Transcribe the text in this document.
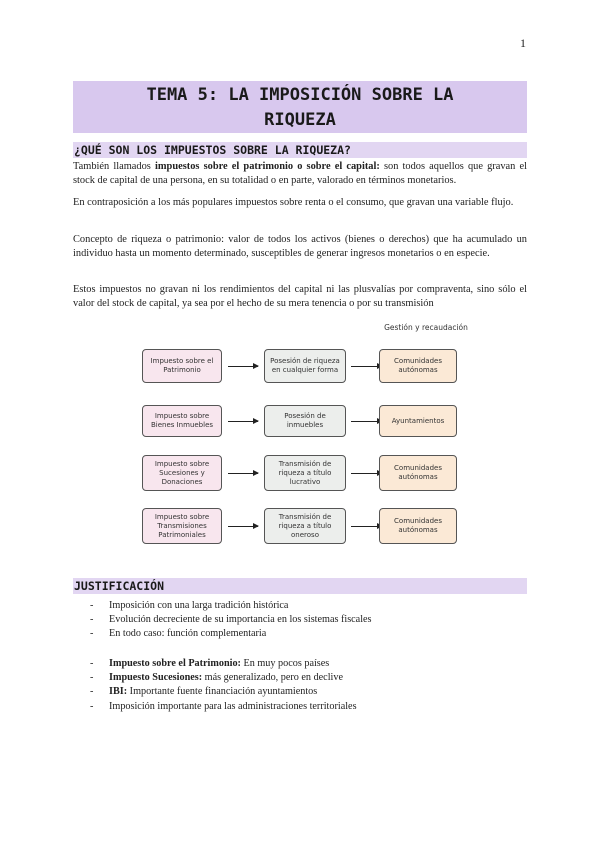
1
TEMA 5: LA IMPOSICIÓN SOBRE LA
RIQUEZA
¿QUÉ SON LOS IMPUESTOS SOBRE LA RIQUEZA?
También llamados impuestos sobre el patrimonio o sobre el capital: son todos aquellos que gravan el stock de capital de una persona, en su totalidad o en parte, valorado en términos monetarios.
En contraposición a los más populares impuestos sobre renta o el consumo, que gravan una variable flujo.
Concepto de riqueza o patrimonio: valor de todos los activos (bienes o derechos) que ha acumulado un individuo hasta un momento determinado, susceptibles de generar ingresos monetarios o en especie.
Estos impuestos no gravan ni los rendimientos del capital ni las plusvalías por compraventa, sino sólo el valor del stock de capital, ya sea por el hecho de su mera tenencia o por su transmisión
Gestión y recaudación
Impuesto sobre el Patrimonio
Posesión de riqueza en cualquier forma
Comunidades autónomas
Impuesto sobre Bienes Inmuebles
Posesión de inmuebles
Ayuntamientos
Impuesto sobre Sucesiones y Donaciones
Transmisión de riqueza a título lucrativo
Comunidades autónomas
Impuesto sobre Transmisiones Patrimoniales
Transmisión de riqueza a título oneroso
Comunidades autónomas
JUSTIFICACIÓN
- Imposición con una larga tradición histórica
- Evolución decreciente de su importancia en los sistemas fiscales
- En todo caso: función complementaria
- Impuesto sobre el Patrimonio: En muy pocos países
- Impuesto Sucesiones: más generalizado, pero en declive
- IBI: Importante fuente financiación ayuntamientos
- Imposición importante para las administraciones territoriales
